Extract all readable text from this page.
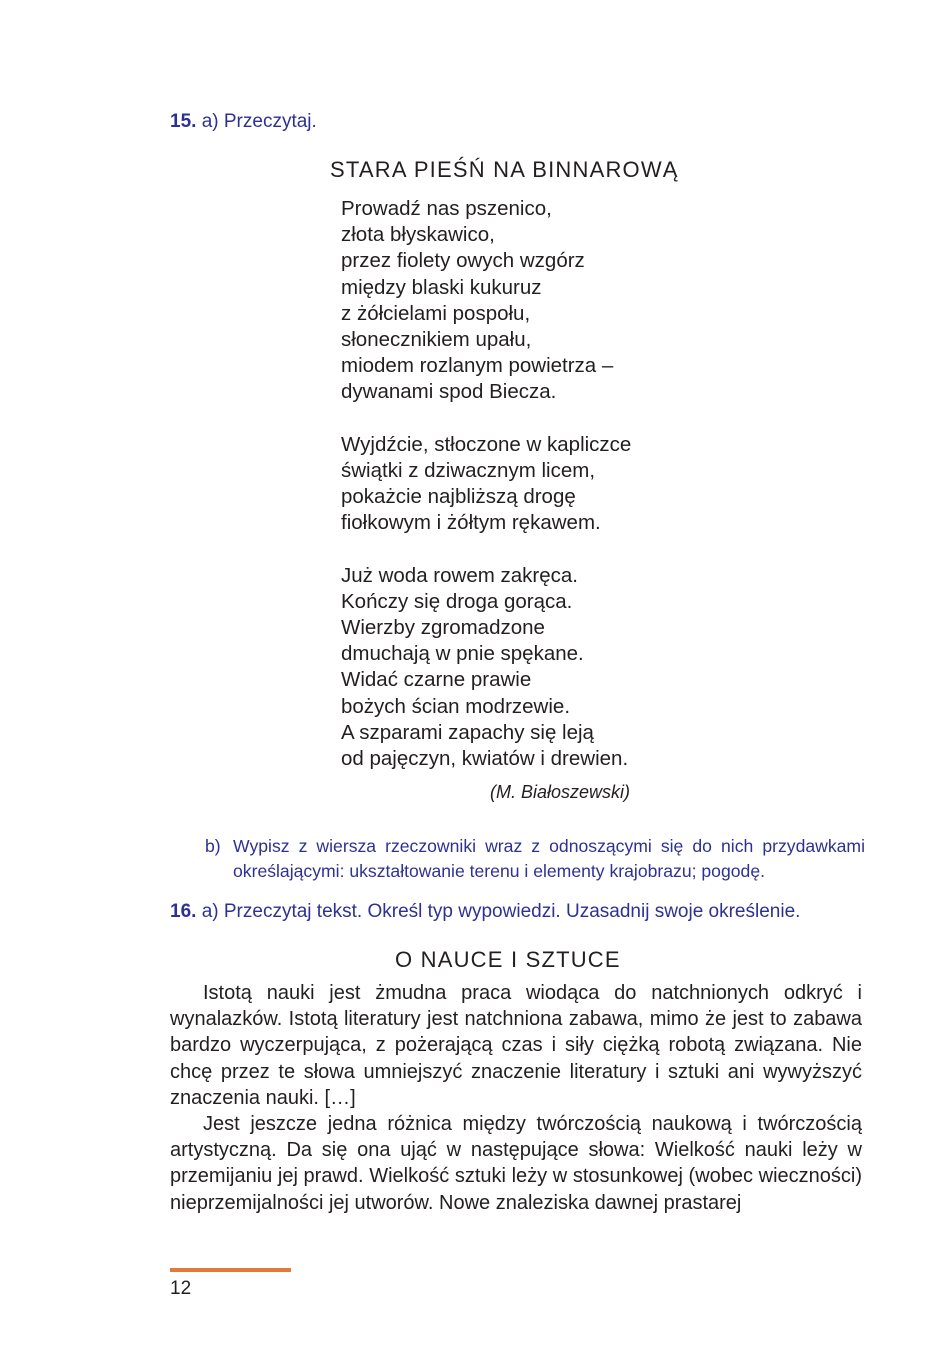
15. a) Przeczytaj.
STARA PIEŚŃ NA BINNAROWĄ
Prowadź nas pszenico,
złota błyskawico,
przez fiolety owych wzgórz
między blaski kukuruz
z żółcielami pospołu,
słonecznikiem upału,
miodem rozlanym powietrza –
dywanami spod Biecza.
Wyjdźcie, stłoczone w kapliczce
świątki z dziwacznym licem,
pokażcie najbliższą drogę
fiołkowym i żółtym rękawem.
Już woda rowem zakręca.
Kończy się droga gorąca.
Wierzby zgromadzone
dmuchają w pnie spękane.
Widać czarne prawie
bożych ścian modrzewie.
A szparami zapachy się leją
od pajęczyn, kwiatów i drewien.
(M. Białoszewski)
b) Wypisz z wiersza rzeczowniki wraz z odnoszącymi się do nich przydawkami określającymi: ukształtowanie terenu i elementy krajobrazu; pogodę.
16. a) Przeczytaj tekst. Określ typ wypowiedzi. Uzasadnij swoje określenie.
O NAUCE I SZTUCE

Istotą nauki jest żmudna praca wiodąca do natchnionych odkryć i wynalazków. Istotą literatury jest natchniona zabawa, mimo że jest to zabawa bardzo wyczerpująca, z pożerającą czas i siły ciężką robotą związana. Nie chcę przez te słowa umniejszyć znaczenie literatury i sztuki ani wywyższyć znaczenia nauki. […]

Jest jeszcze jedna różnica między twórczością naukową i twórczością artystyczną. Da się ona ująć w następujące słowa: Wielkość nauki leży w przemijaniu jej prawd. Wielkość sztuki leży w stosunkowej (wobec wieczności) nieprzemijalności jej utworów. Nowe znaleziska dawnej prastarej

12
